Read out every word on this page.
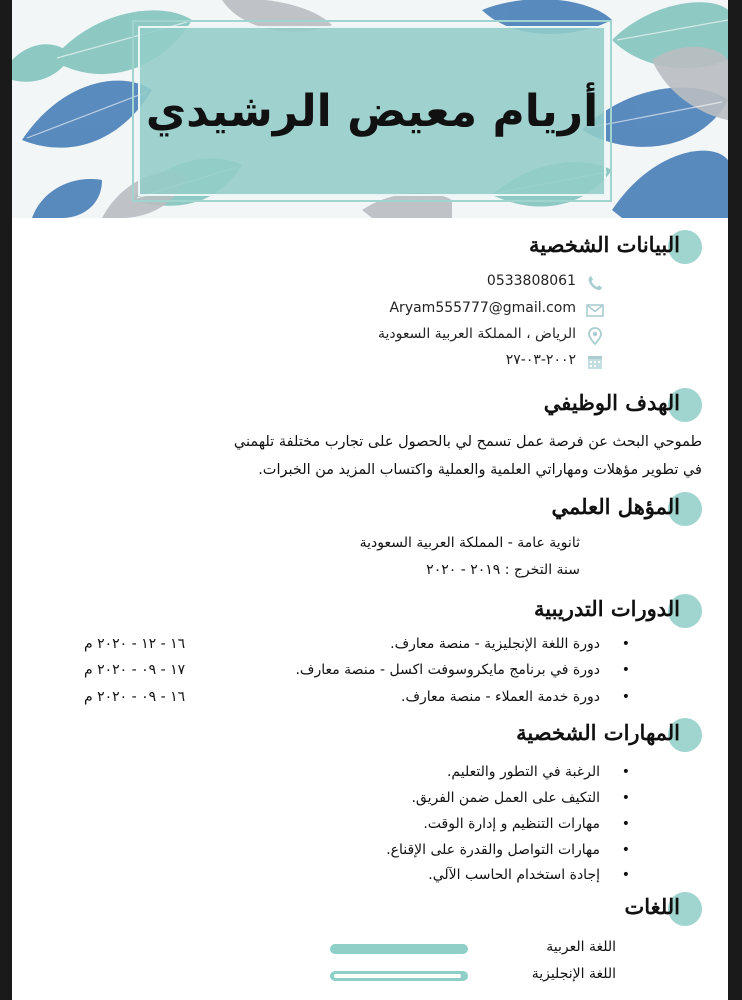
أريام معيض الرشيدي
البيانات الشخصية
0533808061
Aryam555777@gmail.com
الرياض ، المملكة العربية السعودية
٢٠٠٢-٠٣-٢٧
الهدف الوظيفي
طموحي البحث عن فرصة عمل تسمح لي بالحصول على تجارب مختلفة تلهمني
في تطوير مؤهلات ومهاراتي العلمية والعملية واكتساب المزيد من الخبرات.
المؤهل العلمي
ثانوية عامة - المملكة العربية السعودية
سنة التخرج : ٢٠١٩ - ٢٠٢٠
الدورات التدريبية
• دورة اللغة الإنجليزية - منصة معارف.
١٦ - ١٢ - ٢٠٢٠ م
• دورة في برنامج مايكروسوفت اكسل - منصة معارف.
١٧ - ٠٩ - ٢٠٢٠ م
• دورة خدمة العملاء - منصة معارف.
١٦ - ٠٩ - ٢٠٢٠ م
المهارات الشخصية
• الرغبة في التطور والتعليم.
• التكيف على العمل ضمن الفريق.
• مهارات التنظيم و إدارة الوقت.
• مهارات التواصل والقدرة على الإقناع.
• إجادة استخدام الحاسب الآلي.
اللغات
اللغة العربية
اللغة الإنجليزية
